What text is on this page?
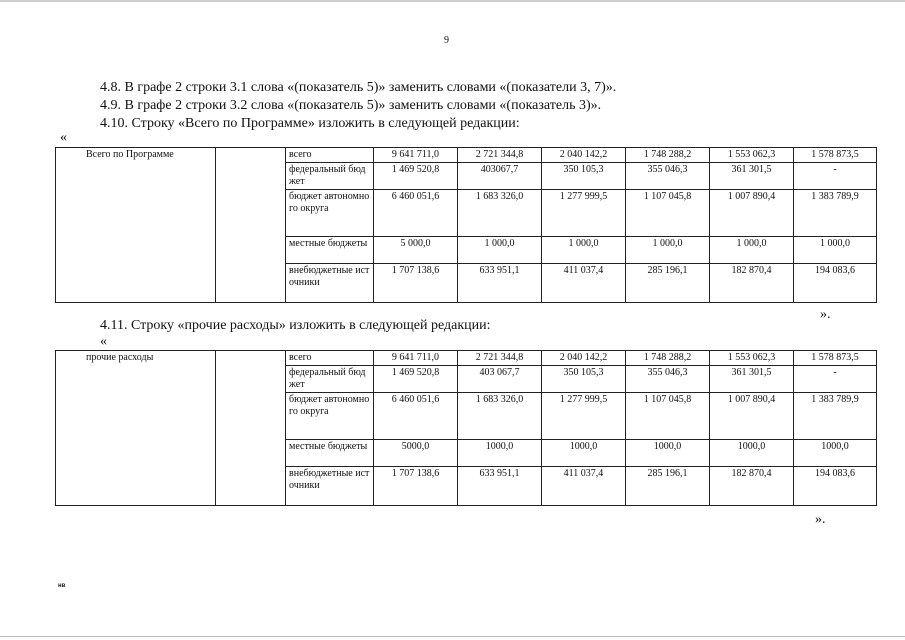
9
4.8. В графе 2 строки 3.1 слова «(показатель 5)» заменить словами «(показатели 3, 7)».
4.9. В графе 2 строки 3.2 слова «(показатель 5)» заменить словами «(показатель 3)».
4.10. Строку «Всего по Программе» изложить в следующей редакции:
«
Всего по Программе		всего	9 641 711,0	2 721 344,8	2 040 142,2	1 748 288,2	1 553 062,3	1 578 873,5
		федеральный бюджет	1 469 520,8	403067,7	350 105,3	355 046,3	361 301,5	-
		бюджет автономного округа	6 460 051,6	1 683 326,0	1 277 999,5	1 107 045,8	1 007 890,4	1 383 789,9
		местные бюджеты	5 000,0	1 000,0	1 000,0	1 000,0	1 000,0	1 000,0
		внебюджетные источники	1 707 138,6	633 951,1	411 037,4	285 196,1	182 870,4	194 083,6
».
4.11. Строку «прочие расходы» изложить в следующей редакции:
«
прочие расходы		всего	9 641 711,0	2 721 344,8	2 040 142,2	1 748 288,2	1 553 062,3	1 578 873,5
		федеральный бюджет	1 469 520,8	403 067,7	350 105,3	355 046,3	361 301,5	-
		бюджет автономного округа	6 460 051,6	1 683 326,0	1 277 999,5	1 107 045,8	1 007 890,4	1 383 789,9
		местные бюджеты	5000,0	1000,0	1000,0	1000,0	1000,0	1000,0
		внебюджетные источники	1 707 138,6	633 951,1	411 037,4	285 196,1	182 870,4	194 083,6
».
нв
